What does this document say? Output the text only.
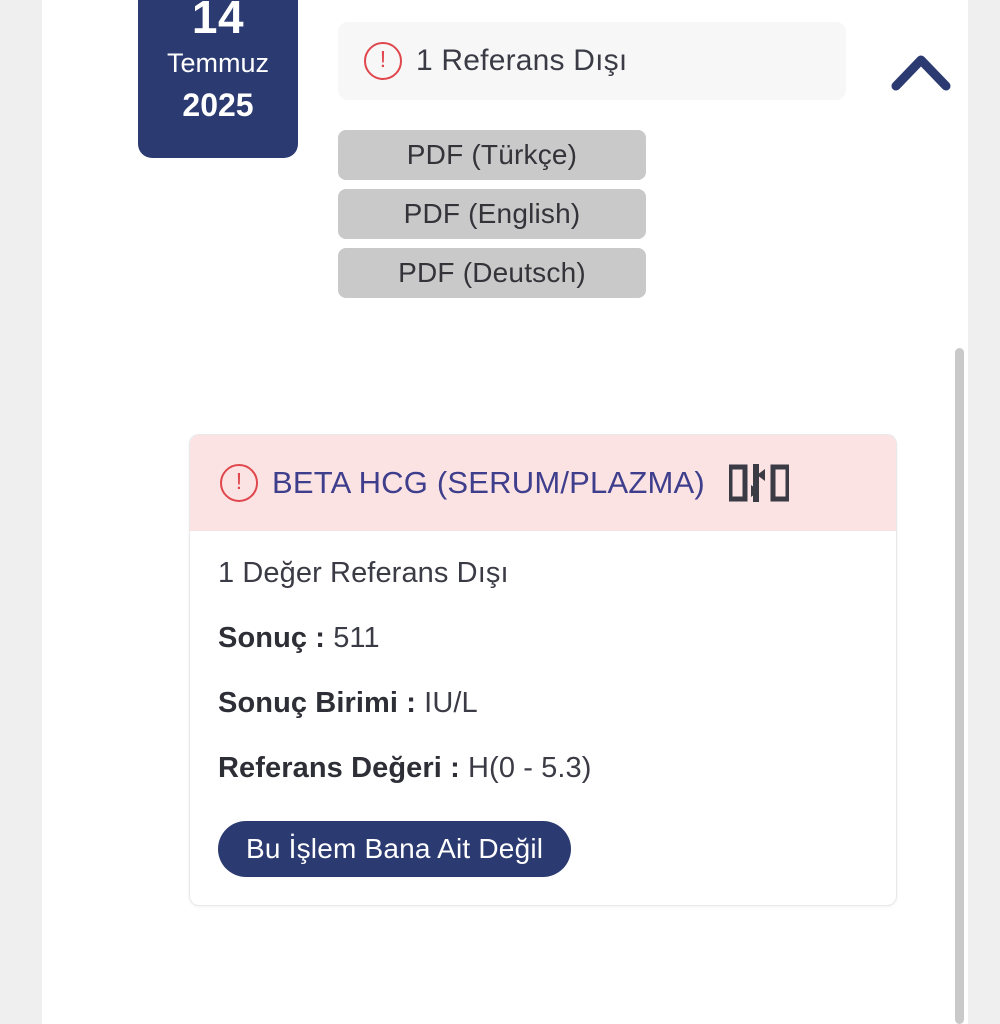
14
Temmuz
2025
! 1 Referans Dışı
PDF (Türkçe)
PDF (English)
PDF (Deutsch)
! BETA HCG (SERUM/PLAZMA)
1 Değer Referans Dışı
Sonuç : 511
Sonuç Birimi : IU/L
Referans Değeri : H(0 - 5.3)
Bu İşlem Bana Ait Değil
